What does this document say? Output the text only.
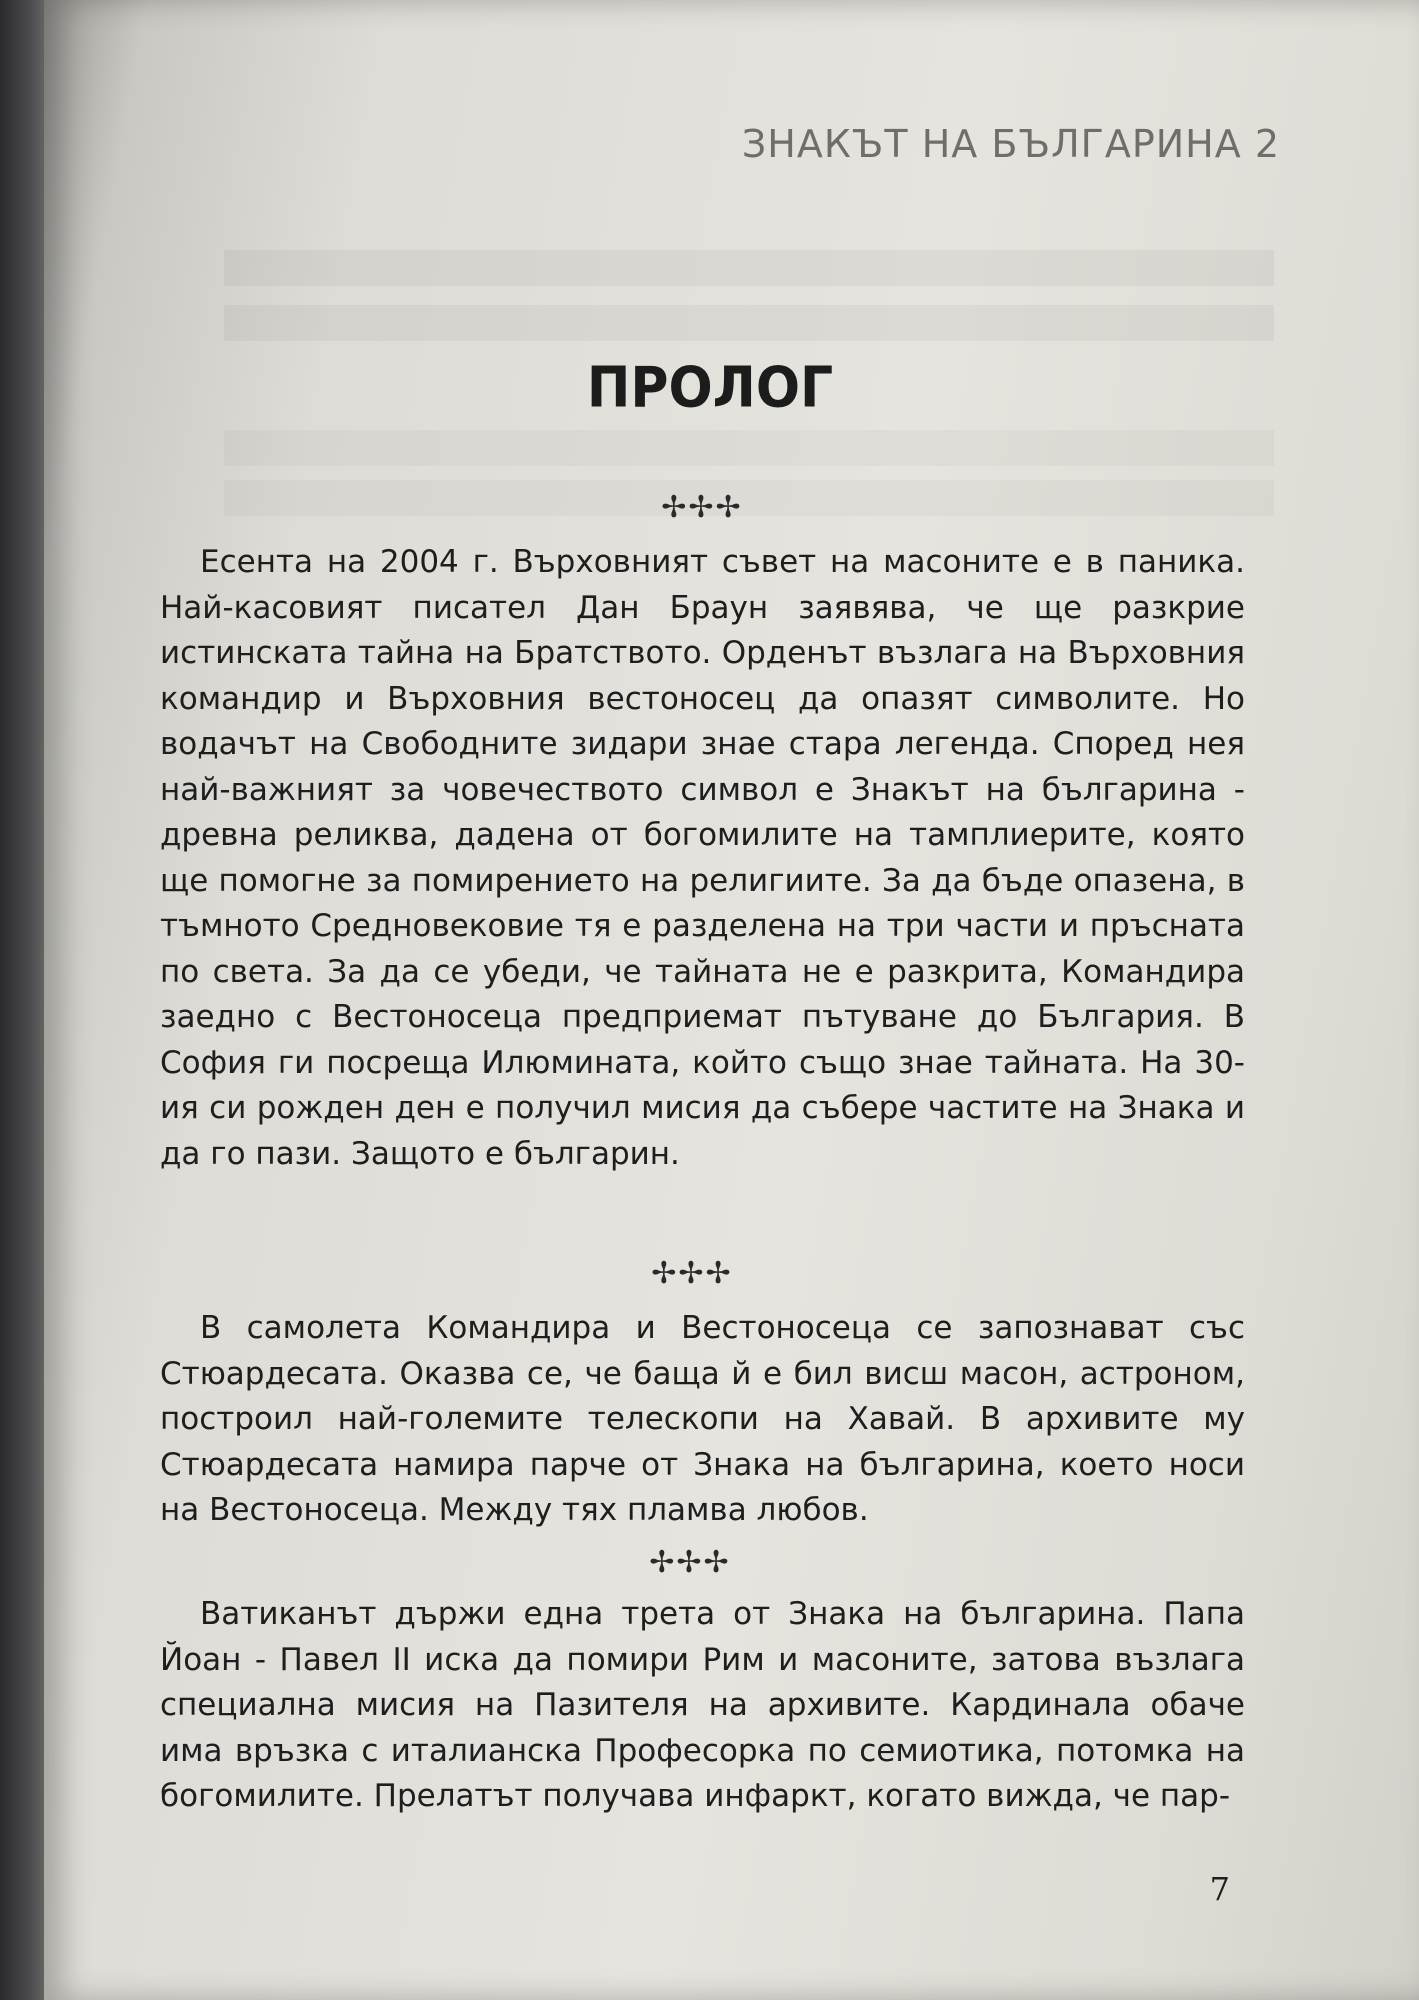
ЗНАКЪТ НА БЪЛГАРИНА 2
ПРОЛОГ
✢✢✢

Есента на 2004 г. Върховният съвет на масоните е в паника. Най-касовият писател Дан Браун заявява, че ще разкрие истинската тайна на Братството. Орденът възлага на Върховния командир и Върховния вестоносец да опазят символите. Но водачът на Свободните зидари знае стара легенда. Според нея най-важният за човечеството символ е Знакът на българина - древна реликва, дадена от богомилите на тамплиерите, която ще помогне за помирението на религиите. За да бъде опазена, в тъмното Средновековие тя е разделена на три части и пръсната по света. За да се убеди, че тайната не е разкрита, Командира заедно с Вестоносеца предприемат пътуване до България. В София ги посреща Илюмината, който също знае тайната. На 30-ия си рожден ден е получил мисия да събере частите на Знака и да го пази. Защото е българин.

✢✢✢

В самолета Командира и Вестоносеца се запознават със Стюардесата. Оказва се, че баща й е бил висш масон, астроном, построил най-големите телескопи на Хавай. В архивите му Стюардесата намира парче от Знака на българина, което носи на Вестоносеца. Между тях пламва любов.

✢✢✢

Ватиканът държи една трета от Знака на българина. Папа Йоан - Павел II иска да помири Рим и масоните, затова възлага специална мисия на Пазителя на архивите. Кардинала обаче има връзка с италианска Професорка по семиотика, потомка на богомилите. Прелатът получава инфаркт, когато вижда, че пар-

7
